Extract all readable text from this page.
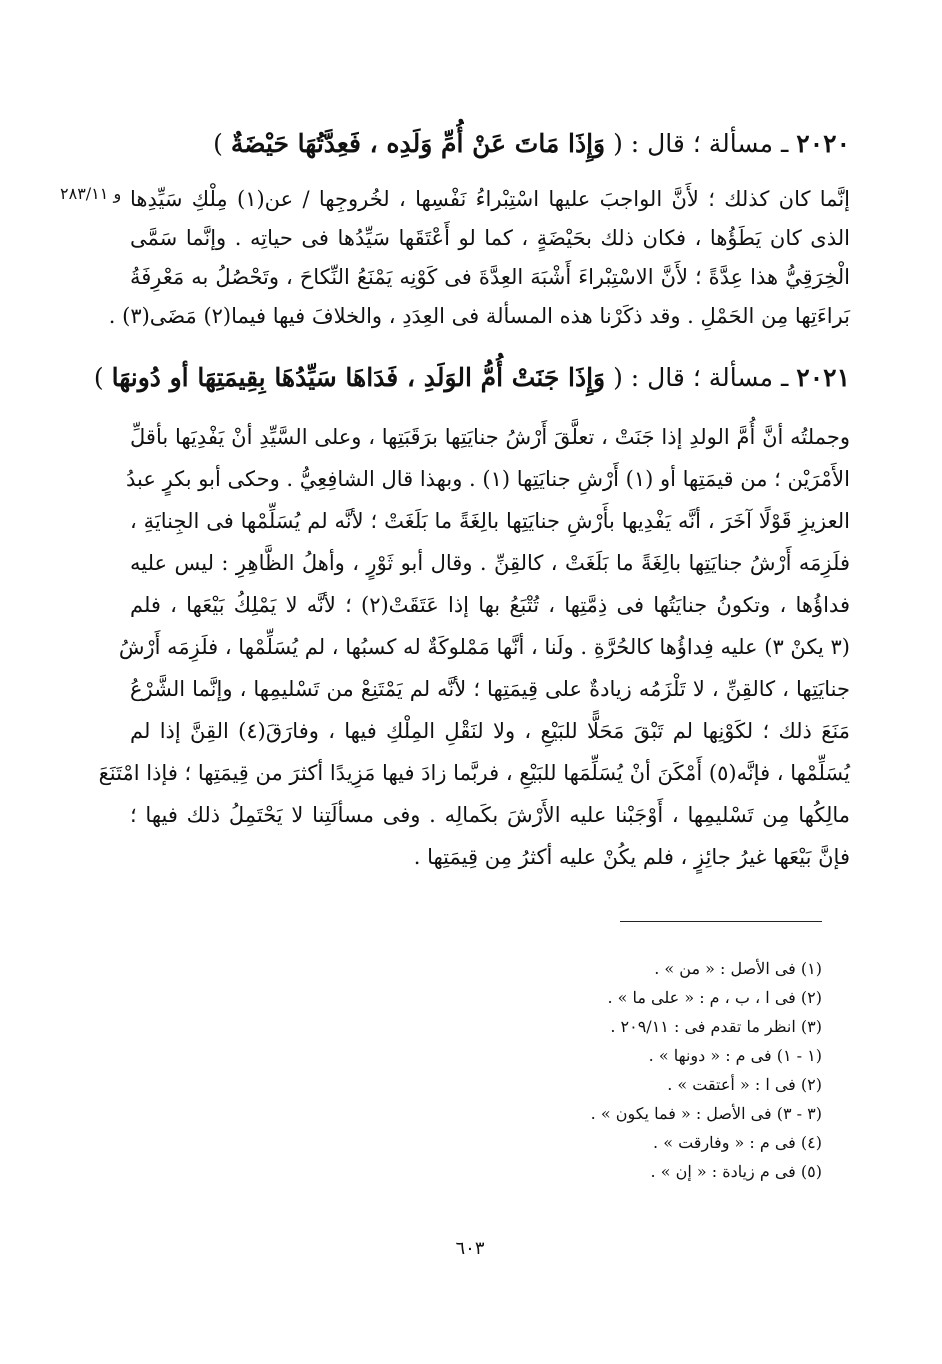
٢٠٢٠ ـ مسألة ؛ قال : ( وَإِذَا مَاتَ عَنْ أُمِّ وَلَدِه ، فَعِدَّتُهَا حَيْضَةٌ )
و ٢٨٣/١١ إنَّما كان كذلك ؛ لأَنَّ الواجبَ عليها اسْتِبْراءُ نَفْسِها ، لخُروجِها / عن(١) مِلْكِ سَيِّدِها
الذى كان يَطَؤُها ، فكان ذلك بحَيْضَةٍ ، كما لو أَعْتَقَها سَيِّدُها فى حياتِه . وإنَّما سَمَّى
الْخِرَقِيُّ هذا عِدَّةً ؛ لأَنَّ الاسْتِبْراءَ أَشْبَهَ العِدَّةَ فى كَوْنِه يَمْنَعُ النِّكاحَ ، وتَحْصُلُ به مَعْرِفَةُ
بَراءَتِها مِن الحَمْلِ . وقد ذكَرْنا هذه المسألة فى العِدَدِ ، والخلافَ فيها فيما(٢) مَضَى(٣) .
٢٠٢١ ـ مسألة ؛ قال : ( وَإِذَا جَنَتْ أُمُّ الوَلَدِ ، فَدَاهَا سَيِّدُهَا بِقِيمَتِهَا أو دُونهَا )
وجملتُه أنَّ أُمَّ الولدِ إذا جَنَتْ ، تعلَّقَ أَرْشُ جنايَتِها برَقَبَتِها ، وعلى السَّيِّدِ أنْ يَفْدِيَها بأقلِّ
الأَمْرَيْن ؛ من قيمَتِها أو (١) أَرْشِ جنايَتِها (١) . وبهذا قال الشافِعِيُّ . وحكى أبو بكرٍ عبدُ
العزيزِ قَوْلًا آخَرَ ، أنَّه يَفْدِيها بأَرْشِ جنايَتِها بالِغَةً ما بَلَغَتْ ؛ لأنَّه لم يُسَلِّمْها فى الجِنايَةِ ،
فلَزِمَه أَرْشُ جنايَتِها بالِغَةً ما بَلَغَتْ ، كالقِنِّ . وقال أبو ثَوْرٍ ، وأهلُ الظَّاهِرِ : ليس عليه
فداؤُها ، وتكونُ جنايَتُها فى ذِمَّتِها ، تُتْبَعُ بها إذا عَتَقَتْ(٢) ؛ لأنَّه لا يَمْلِكُ بَيْعَها ، فلم
(٣ يكنْ ٣) عليه فِداؤُها كالحُرَّةِ . ولَنا ، أنَّها مَمْلوكَةٌ له كسبُها ، لم يُسَلِّمْها ، فلَزِمَه أَرْشُ
جنايَتِها ، كالقِنِّ ، لا تَلْزَمُه زيادةٌ على قِيمَتِها ؛ لأنَّه لم يَمْتَنِعْ من تَسْليمِها ، وإنَّما الشَّرْعُ
مَنَعَ ذلك ؛ لكَوْنِها لم تَبْقَ مَحَلًّا للبَيْعِ ، ولا لنَقْلِ المِلْكِ فيها ، وفارَقَ(٤) القِنَّ إذا لم
يُسَلِّمْها ، فإنَّه(٥) أَمْكَنَ أنْ يُسَلِّمَها للبَيْعِ ، فربَّما زادَ فيها مَزِيدًا أكثرَ من قِيمَتِها ؛ فإذا امْتَنَعَ
مالِكُها مِن تَسْليمِها ، أَوْجَبْنا عليه الأَرْشَ بكَمالِه . وفى مسألَتِنا لا يَحْتَمِلُ ذلك فيها ؛
فإنَّ بَيْعَها غيرُ جائِزٍ ، فلم يكُنْ عليه أكثرُ مِن قِيمَتِها .
(١) فى الأصل : « من » .
(٢) فى ا ، ب ، م : « على ما » .
(٣) انظر ما تقدم فى : ٢٠٩/١١ .
(١ - ١) فى م : « دونها » .
(٢) فى ا : « أعتقت » .
(٣ - ٣) فى الأصل : « فما يكون » .
(٤) فى م : « وفارقت » .
(٥) فى م زيادة : « إن » .
٦٠٣
